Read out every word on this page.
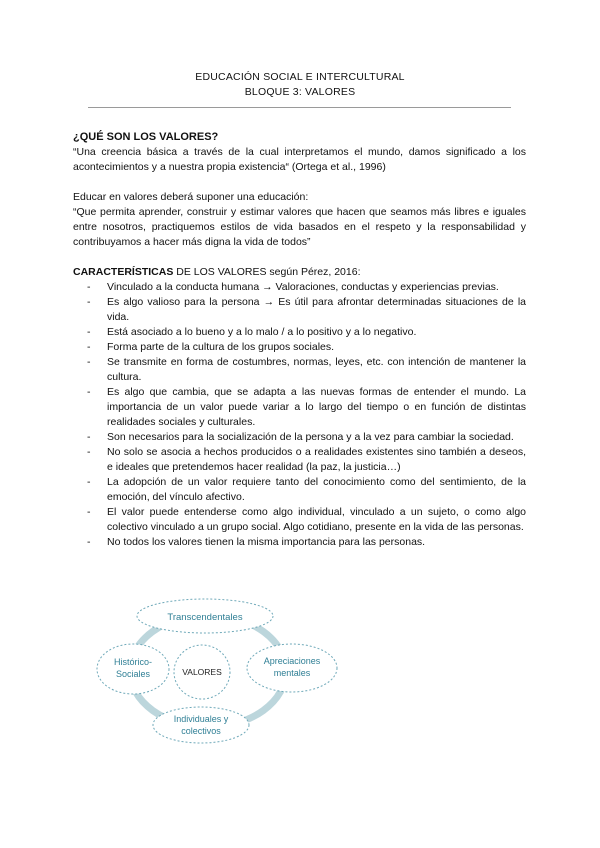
EDUCACIÓN SOCIAL E INTERCULTURAL
BLOQUE 3: VALORES

¿QUÉ SON LOS VALORES?

“Una creencia básica a través de la cual interpretamos el mundo, damos significado a los acontecimientos y a nuestra propia existencia“ (Ortega et al., 1996)

Educar en valores deberá suponer una educación:

“Que permita aprender, construir y estimar valores que hacen que seamos más libres e iguales entre nosotros, practiquemos estilos de vida basados en el respeto y la responsabilidad y contribuyamos a hacer más digna la vida de todos”

CARACTERÍSTICAS DE LOS VALORES según Pérez, 2016:

- Vinculado a la conducta humana → Valoraciones, conductas y experiencias previas.
- Es algo valioso para la persona → Es útil para afrontar determinadas situaciones de la vida.
- Está asociado a lo bueno y a lo malo / a lo positivo y a lo negativo.
- Forma parte de la cultura de los grupos sociales.
- Se transmite en forma de costumbres, normas, leyes, etc. con intención de mantener la cultura.
- Es algo que cambia, que se adapta a las nuevas formas de entender el mundo. La importancia de un valor puede variar a lo largo del tiempo o en función de distintas realidades sociales y culturales.
- Son necesarios para la socialización de la persona y a la vez para cambiar la sociedad.
- No solo se asocia a hechos producidos o a realidades existentes sino también a deseos, e ideales que pretendemos hacer realidad (la paz, la justicia…)
- La adopción de un valor requiere tanto del conocimiento como del sentimiento, de la emoción, del vínculo afectivo.
- El valor puede entenderse como algo individual, vinculado a un sujeto, o como algo colectivo vinculado a un grupo social. Algo cotidiano, presente en la vida de las personas.
- No todos los valores tienen la misma importancia para las personas.
Transcendentales
Histórico-
Sociales	VALORES
Apreciaciones
mentales
Individuales y
colectivos
